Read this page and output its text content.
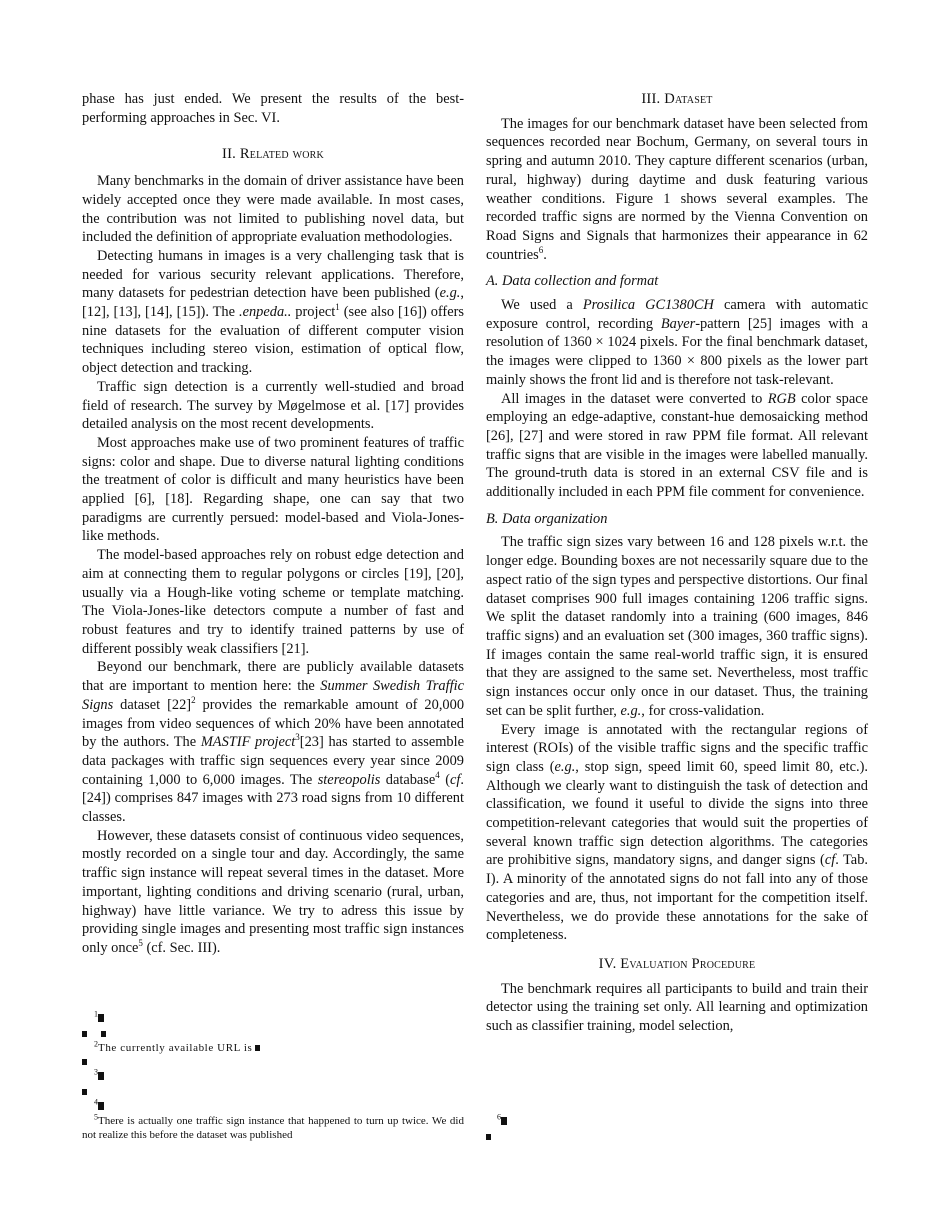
phase has just ended. We present the results of the best-performing approaches in Sec. VI.

II. Related work

Many benchmarks in the domain of driver assistance have been widely accepted once they were made available. In most cases, the contribution was not limited to publishing novel data, but included the definition of appropriate evaluation methodologies.

Detecting humans in images is a very challenging task that is needed for various security relevant applications. Therefore, many datasets for pedestrian detection have been published (e.g., [12], [13], [14], [15]). The .enpeda.. project$^1$ (see also [16]) offers nine datasets for the evaluation of different computer vision techniques including stereo vision, estimation of optical flow, object detection and tracking.

Traffic sign detection is a currently well-studied and broad field of research. The survey by Møgelmose et al. [17] provides detailed analysis on the most recent developments.

Most approaches make use of two prominent features of traffic signs: color and shape. Due to diverse natural lighting conditions the treatment of color is difficult and many heuristics have been applied [6], [18]. Regarding shape, one can say that two paradigms are currently persued: model-based and Viola-Jones-like methods.

The model-based approaches rely on robust edge detection and aim at connecting them to regular polygons or circles [19], [20], usually via a Hough-like voting scheme or template matching. The Viola-Jones-like detectors compute a number of fast and robust features and try to identify trained patterns by use of different possibly weak classifiers [21].

Beyond our benchmark, there are publicly available datasets that are important to mention here: the Summer Swedish Traffic Signs dataset $[22]^2$ provides the remarkable amount of 20,000 images from video sequences of which 20% have been annotated by the authors. The MASTIF project$^3$[23] has started to assemble data packages with traffic sign sequences every year since 2009 containing 1,000 to 6,000 images. The stereopolis database$^4$ (cf. [24]) comprises 847 images with 273 road signs from 10 different classes.

However, these datasets consist of continuous video sequences, mostly recorded on a single tour and day. Accordingly, the same traffic sign instance will repeat several times in the dataset. More important, lighting conditions and driving scenario (rural, urban, highway) have little variance. We try to adress this issue by providing single images and presenting most traffic sign instances only once$^5$ (cf. Sec. III).

$^1$
$^2$The currently available URL is
$^3$
$^4$
$^5$There is actually one traffic sign instance that happened to turn up twice. We did not realize this before the dataset was published
III. Dataset

The images for our benchmark dataset have been selected from sequences recorded near Bochum, Germany, on several tours in spring and autumn 2010. They capture different scenarios (urban, rural, highway) during daytime and dusk featuring various weather conditions. Figure 1 shows several examples. The recorded traffic signs are normed by the Vienna Convention on Road Signs and Signals that harmonizes their appearance in 62 countries$^6$.

A. Data collection and format

We used a Prosilica GC1380CH camera with automatic exposure control, recording Bayer-pattern [25] images with a resolution of 1360 × 1024 pixels. For the final benchmark dataset, the images were clipped to 1360 × 800 pixels as the lower part mainly shows the front lid and is therefore not task-relevant.

All images in the dataset were converted to RGB color space employing an edge-adaptive, constant-hue demosaicking method [26], [27] and were stored in raw PPM file format. All relevant traffic signs that are visible in the images were labelled manually. The ground-truth data is stored in an external CSV file and is additionally included in each PPM file comment for convenience.

B. Data organization

The traffic sign sizes vary between 16 and 128 pixels w.r.t. the longer edge. Bounding boxes are not necessarily square due to the aspect ratio of the sign types and perspective distortions. Our final dataset comprises 900 full images containing 1206 traffic signs. We split the dataset randomly into a training (600 images, 846 traffic signs) and an evaluation set (300 images, 360 traffic signs). If images contain the same real-world traffic sign, it is ensured that they are assigned to the same set. Nevertheless, most traffic sign instances occur only once in our dataset. Thus, the training set can be split further, e.g., for cross-validation.

Every image is annotated with the rectangular regions of interest (ROIs) of the visible traffic signs and the specific traffic sign class (e.g., stop sign, speed limit 60, speed limit 80, etc.). Although we clearly want to distinguish the task of detection and classification, we found it useful to divide the signs into three competition-relevant categories that would suit the properties of several known traffic sign detection algorithms. The categories are prohibitive signs, mandatory signs, and danger signs (cf. Tab. I). A minority of the annotated signs do not fall into any of those categories and are, thus, not important for the competition itself. Nevertheless, we do provide these annotations for the sake of completeness.

IV. Evaluation Procedure

The benchmark requires all participants to build and train their detector using the training set only. All learning and optimization such as classifier training, model selection,

$^6$
